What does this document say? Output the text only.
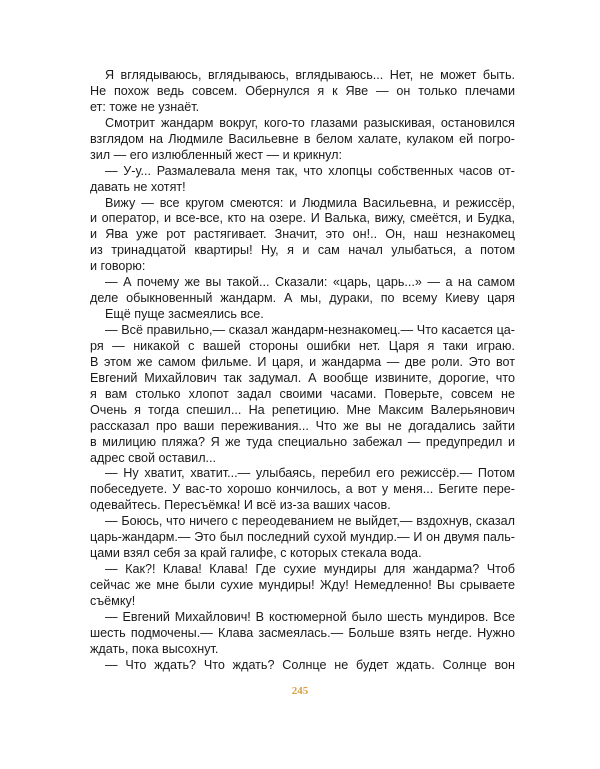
Я вглядываюсь, вглядываюсь, вглядываюсь... Нет, не может быть.
Не похож ведь совсем. Обернулся я к Яве — он только плечами
ет: тоже не узнаёт.
Смотрит жандарм вокруг, кого-то глазами разыскивая, остановился
взглядом на Людмиле Васильевне в белом халате, кулаком ей погро-
зил — его излюбленный жест — и крикнул:
— У-у... Размалевала меня так, что хлопцы собственных часов от-
давать не хотят!
Вижу — все кругом смеются: и Людмила Васильевна, и режиссёр,
и оператор, и все-все, кто на озере. И Валька, вижу, смеётся, и Будка,
и Ява уже рот растягивает. Значит, это он!.. Он, наш незнакомец
из тринадцатой квартиры! Ну, я и сам начал улыбаться, а потом
и говорю:
— А почему же вы такой... Сказали: «царь, царь...» — а на самом
деле обыкновенный жандарм. А мы, дураки, по всему Киеву царя
Ещё пуще засмеялись все.
— Всё правильно,— сказал жандарм-незнакомец.— Что касается ца-
ря — никакой с вашей стороны ошибки нет. Царя я таки играю.
В этом же самом фильме. И царя, и жандарма — две роли. Это вот
Евгений Михайлович так задумал. А вообще извините, дорогие, что
я вам столько хлопот задал своими часами. Поверьте, совсем не
Очень я тогда спешил... На репетицию. Мне Максим Валерьянович
рассказал про ваши переживания... Что же вы не догадались зайти
в милицию пляжа? Я же туда специально забежал — предупредил и
адрес свой оставил...
— Ну хватит, хватит...— улыбаясь, перебил его режиссёр.— Потом
побеседуете. У вас-то хорошо кончилось, а вот у меня... Бегите пере-
одевайтесь. Пересъёмка! И всё из-за ваших часов.
— Боюсь, что ничего с переодеванием не выйдет,— вздохнув, сказал
царь-жандарм.— Это был последний сухой мундир.— И он двумя паль-
цами взял себя за край галифе, с которых стекала вода.
— Как?! Клава! Клава! Где сухие мундиры для жандарма? Чтоб
сейчас же мне были сухие мундиры! Жду! Немедленно! Вы срываете
съёмку!
— Евгений Михайлович! В костюмерной было шесть мундиров. Все
шесть подмочены.— Клава засмеялась.— Больше взять негде. Нужно
ждать, пока высохнут.
— Что ждать? Что ждать? Солнце не будет ждать. Солнце вон
245
